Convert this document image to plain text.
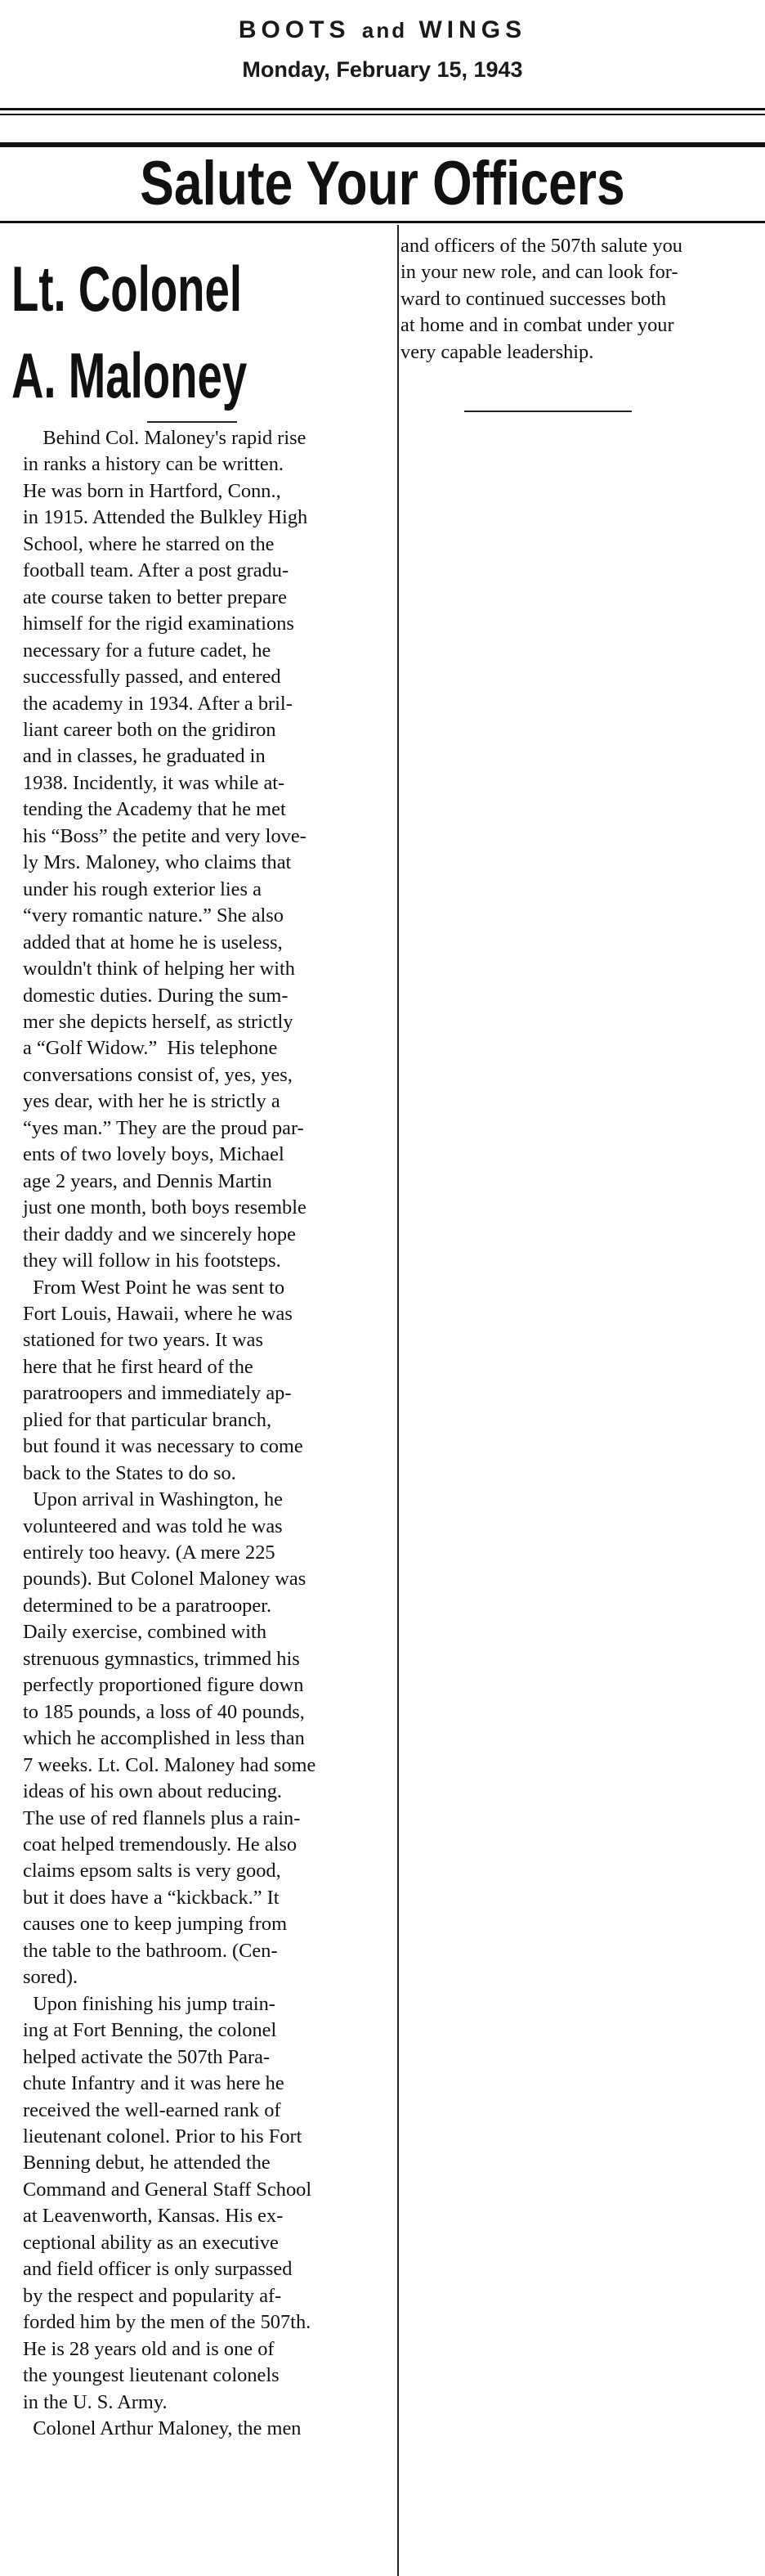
BOOTS and WINGS
Monday, February 15, 1943
Salute Your Officers
Lt. Colonel
A. Maloney
Behind Col. Maloney's rapid rise
in ranks a history can be written.
He was born in Hartford, Conn.,
in 1915. Attended the Bulkley High
School, where he starred on the
football team. After a post gradu-
ate course taken to better prepare
himself for the rigid examinations
necessary for a future cadet, he
successfully passed, and entered
the academy in 1934. After a bril-
liant career both on the gridiron
and in classes, he graduated in
1938. Incidently, it was while at-
tending the Academy that he met
his “Boss” the petite and very love-
ly Mrs. Maloney, who claims that
under his rough exterior lies a
“very romantic nature.” She also
added that at home he is useless,
wouldn't think of helping her with
domestic duties. During the sum-
mer she depicts herself, as strictly
a “Golf Widow.”  His telephone
conversations consist of, yes, yes,
yes dear, with her he is strictly a
“yes man.” They are the proud par-
ents of two lovely boys, Michael
age 2 years, and Dennis Martin
just one month, both boys resemble
their daddy and we sincerely hope
they will follow in his footsteps.
From West Point he was sent to
Fort Louis, Hawaii, where he was
stationed for two years. It was
here that he first heard of the
paratroopers and immediately ap-
plied for that particular branch,
but found it was necessary to come
back to the States to do so.
Upon arrival in Washington, he
volunteered and was told he was
entirely too heavy. (A mere 225
pounds). But Colonel Maloney was
determined to be a paratrooper.
Daily exercise, combined with
strenuous gymnastics, trimmed his
perfectly proportioned figure down
to 185 pounds, a loss of 40 pounds,
which he accomplished in less than
7 weeks. Lt. Col. Maloney had some
ideas of his own about reducing.
The use of red flannels plus a rain-
coat helped tremendously. He also
claims epsom salts is very good,
but it does have a “kickback.” It
causes one to keep jumping from
the table to the bathroom. (Cen-
sored).
Upon finishing his jump train-
ing at Fort Benning, the colonel
helped activate the 507th Para-
chute Infantry and it was here he
received the well-earned rank of
lieutenant colonel. Prior to his Fort
Benning debut, he attended the
Command and General Staff School
at Leavenworth, Kansas. His ex-
ceptional ability as an executive
and field officer is only surpassed
by the respect and popularity af-
forded him by the men of the 507th.
He is 28 years old and is one of
the youngest lieutenant colonels
in the U. S. Army.
Colonel Arthur Maloney, the men
and officers of the 507th salute you
in your new role, and can look for-
ward to continued successes both
at home and in combat under your
very capable leadership.
